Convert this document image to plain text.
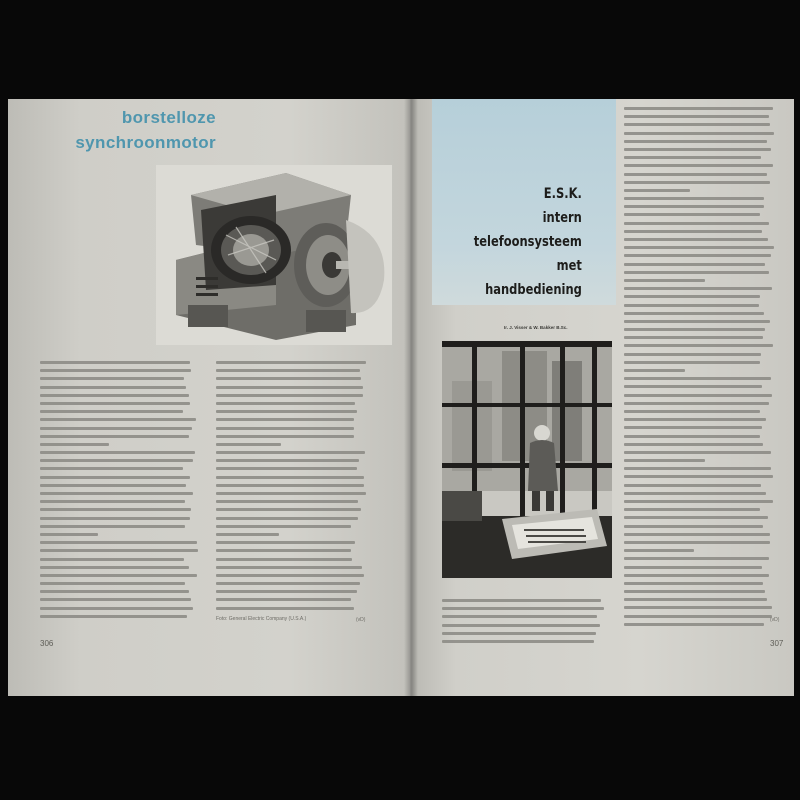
borstelloze
synchroonmotor
Foto: General Electric Company (U.S.A.)	(vD)
306
E.S.K.
intern
telefoonsysteem
met
handbediening
Ir. J. Visser & W. Bakker B.Sc.
(vD)
307
